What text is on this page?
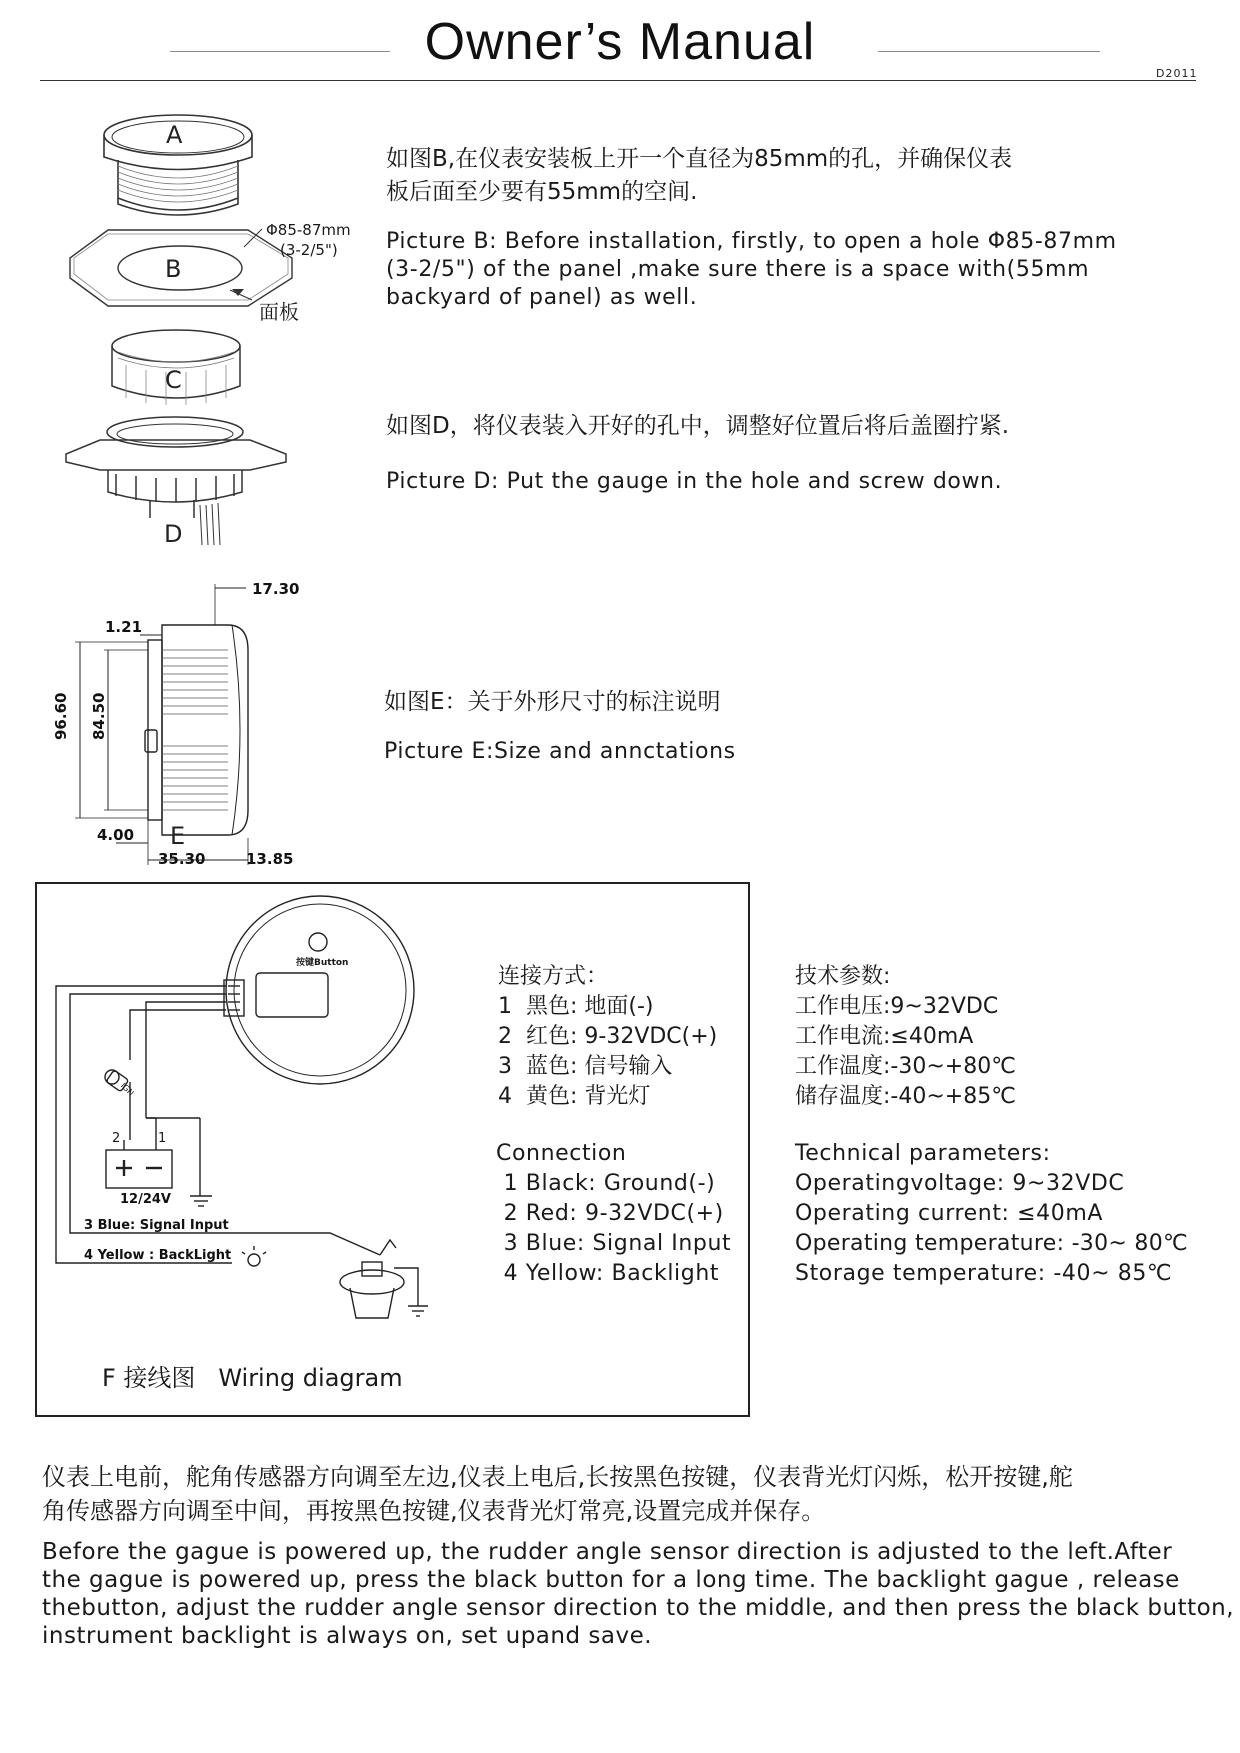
Owner’s Manual
D2011
A
B
C
D
Φ85-87mm
(3-2/5")
面板
如图B,在仪表安装板上开一个直径为85mm的孔，并确保仪表
板后面至少要有55mm的空间.
Picture B: Before installation, firstly, to open a hole Φ85-87mm
(3-2/5") of the panel ,make sure there is a space with(55mm
backyard of panel) as well.
如图D，将仪表装入开好的孔中，调整好位置后将后盖圈拧紧.
Picture D: Put the gauge in the hole and screw down.
17.30
1.21
96.60 84.50
4.00 E
35.30	13.85
如图E：关于外形尺寸的标注说明
Picture E:Size and annctations
按键Button
IGN
2	1
12/24V
3 Blue: Signal Input
4 Yellow : BackLight
F 接线图   Wiring diagram
连接方式：
1  黑色: 地面(-)
2  红色: 9-32VDC(+)
3  蓝色: 信号输入
4  黄色: 背光灯
Connection
1 Black: Ground(-)
2 Red: 9-32VDC(+)
3 Blue: Signal Input
4 Yellow: Backlight
技术参数:
工作电压:9~32VDC
工作电流:≤40mA
工作温度:-30~+80℃
储存温度:-40~+85℃
Technical parameters:
Operatingvoltage: 9~32VDC
Operating current: ≤40mA
Operating temperature: -30~ 80℃
Storage temperature: -40~ 85℃
仪表上电前，舵角传感器方向调至左边,仪表上电后,长按黑色按键，仪表背光灯闪烁，松开按键,舵
角传感器方向调至中间，再按黑色按键,仪表背光灯常亮,设置完成并保存。
Before the gague is powered up, the rudder angle sensor direction is adjusted to the left.After
the gague is powered up, press the black button for a long time. The backlight gague , release
thebutton, adjust the rudder angle sensor direction to the middle, and then press the black button,
instrument backlight is always on, set upand save.
